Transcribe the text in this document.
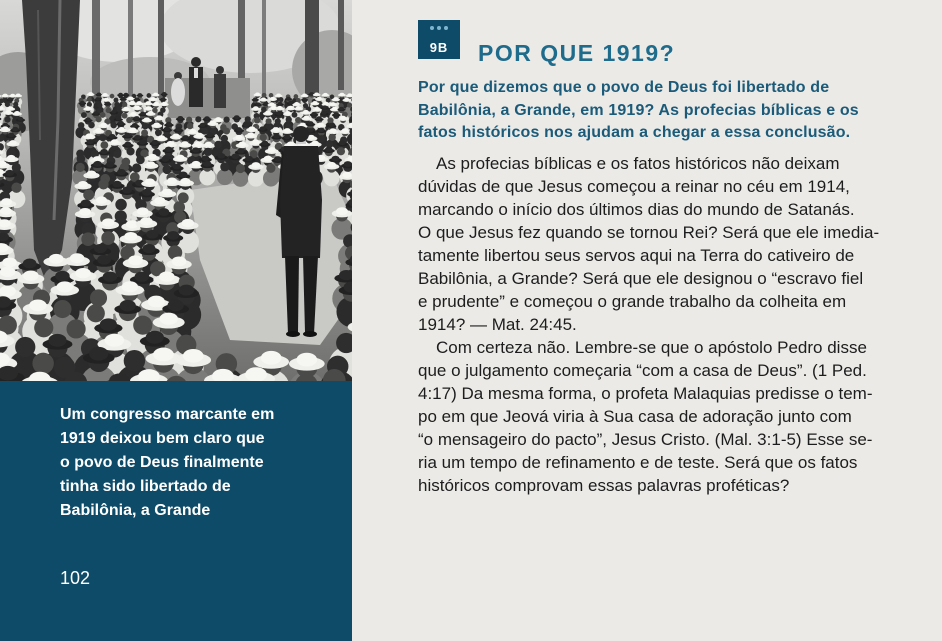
Um congresso marcante em
1919 deixou bem claro que
o povo de Deus finalmente
tinha sido libertado de
Babilônia, a Grande

102
9B	POR QUE 1919?
Por que dizemos que o povo de Deus foi libertado de
Babilônia, a Grande, em 1919? As profecias bíblicas e os
fatos históricos nos ajudam a chegar a essa conclusão.
As profecias bíblicas e os fatos históricos não deixam
dúvidas de que Jesus começou a reinar no céu em 1914,
marcando o início dos últimos dias do mundo de Satanás.
O que Jesus fez quando se tornou Rei? Será que ele imedia-
tamente libertou seus servos aqui na Terra do cativeiro de
Babilônia, a Grande? Será que ele designou o “escravo fiel
e prudente” e começou o grande trabalho da colheita em
1914? — Mat. 24:45.
Com certeza não. Lembre-se que o apóstolo Pedro disse
que o julgamento começaria “com a casa de Deus”. (1 Ped.
4:17) Da mesma forma, o profeta Malaquias predisse o tem-
po em que Jeová viria à Sua casa de adoração junto com
“o mensageiro do pacto”, Jesus Cristo. (Mal. 3:1-5) Esse se-
ria um tempo de refinamento e de teste. Será que os fatos
históricos comprovam essas palavras proféticas?
